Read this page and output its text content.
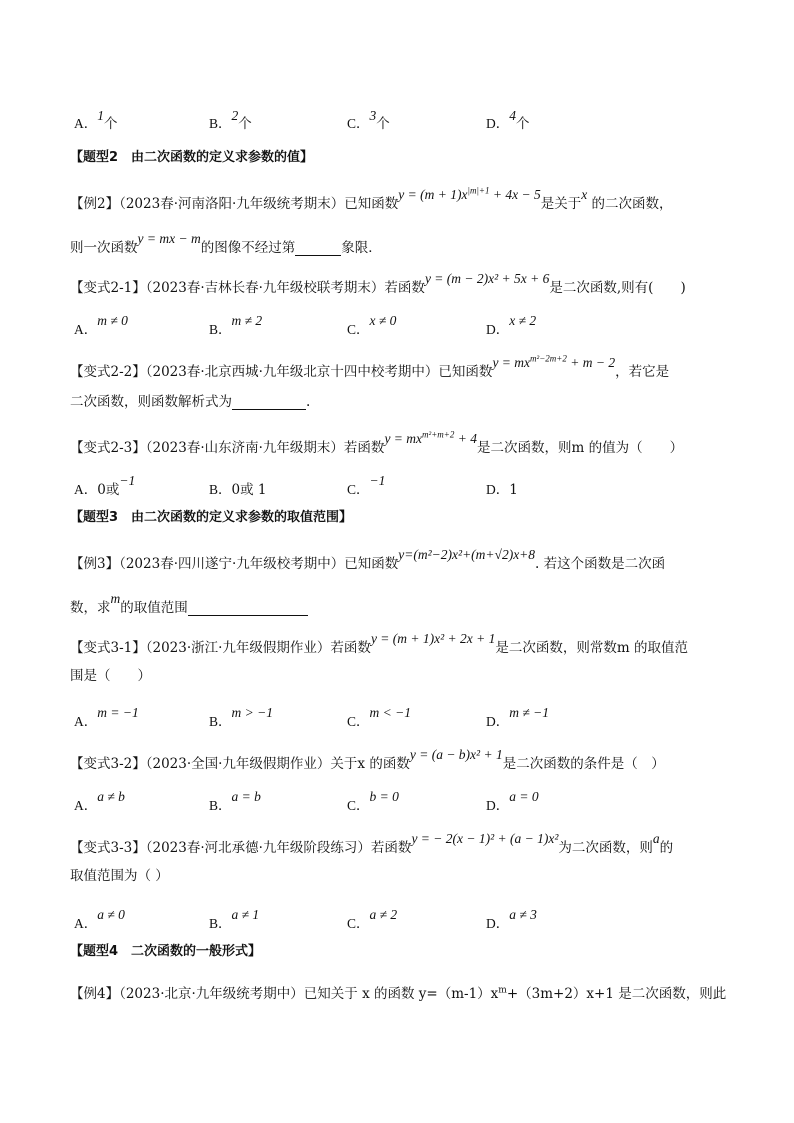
A．1个	B．2个	C．3个	D．4个
【题型2　由二次函数的定义求参数的值】
【例2】（2023春·河南洛阳·九年级统考期末）已知函数$y = (m + 1)x^{|m|+1} + 4x - 5$是关于x 的二次函数，
则一次函数y = mx − m的图像不经过第	象限．
【变式2-1】（2023春·吉林长春·九年级校联考期末）若函数y = (m − 2)x² + 5x + 6是二次函数,则有(　　)
A．m ≠ 0
B．m ≠ 2
C．x ≠ 0
D．x ≠ 2
【变式2-2】（2023春·北京西城·九年级北京十四中校考期中）已知函数$y = mx^{m^2-2m+2} + m - 2$，若它是
二次函数，则函数解析式为	.
【变式2-3】（2023春·山东济南·九年级期末）若函数$y = mx^{m^2+m+2} + 4$是二次函数，则m 的值为（　　）
A．0或−1
B．0或 1	C．−1
D．1
【题型3　由二次函数的定义求参数的取值范围】
【例3】（2023春·四川遂宁·九年级校考期中）已知函数y=(m²−2)x²+(m+√2)x+8. 若这个函数是二次函
数，求m的取值范围
【变式3-1】（2023·浙江·九年级假期作业）若函数y = (m + 1)x² + 2x + 1是二次函数，则常数m 的取值范
围是（　　）
A．m = −1
B．m > −1
C．m < −1
D．m ≠ −1
【变式3-2】（2023·全国·九年级假期作业）关于x 的函数y = (a − b)x² + 1是二次函数的条件是（　）
A．a ≠ b
B．a = b
C．b = 0
D．a = 0
【变式3-3】（2023春·河北承德·九年级阶段练习）若函数y = − 2(x − 1)² + (a − 1)x²为二次函数，则a的
取值范围为（ ）
A．a ≠ 0
B．a ≠ 1
C．a ≠ 2
D．a ≠ 3
【题型4　二次函数的一般形式】
【例4】（2023·北京·九年级统考期中）已知关于 x 的函数 $y=(m-1)x^m+(3m+2)x+1$ 是二次函数，则此
